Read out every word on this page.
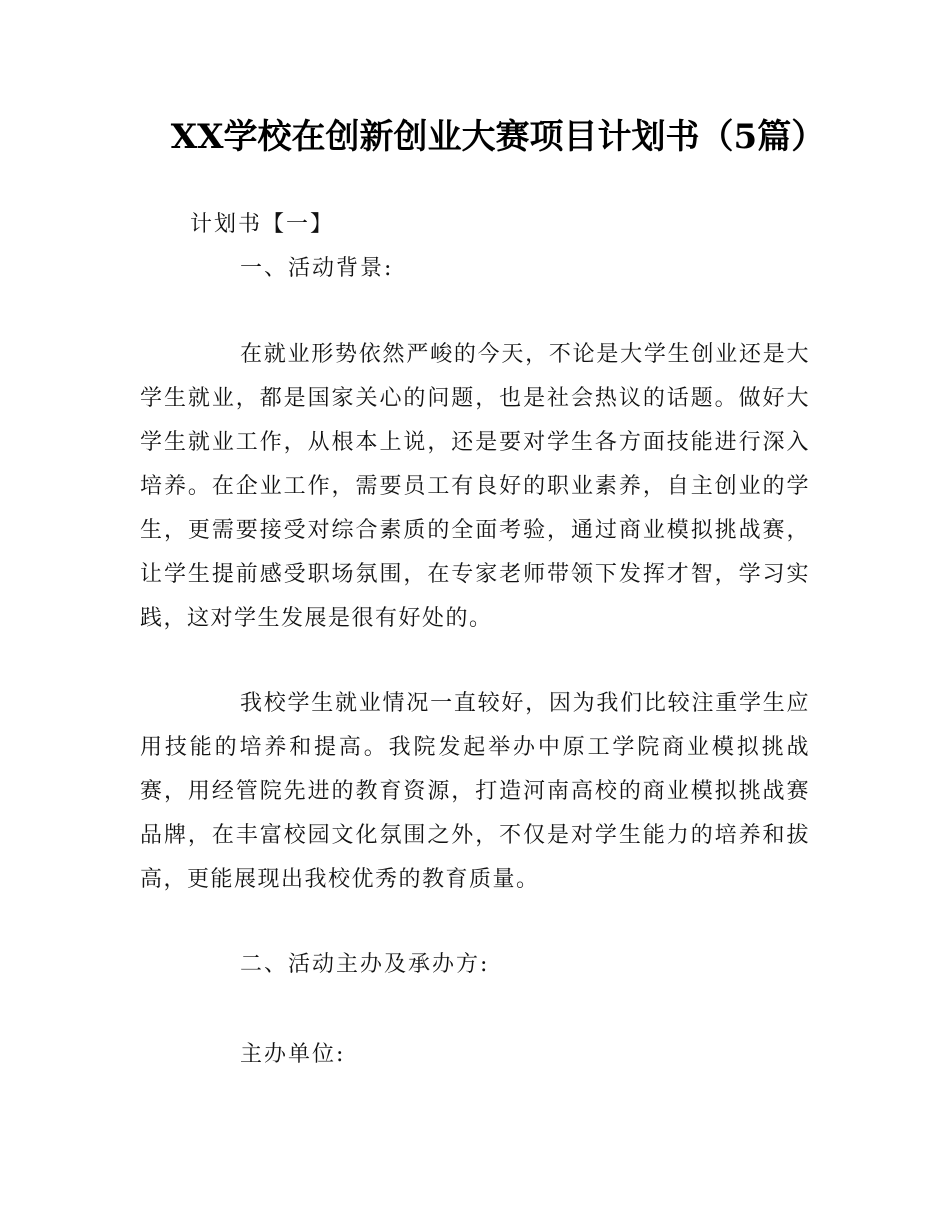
XX学校在创新创业大赛项目计划书（5篇）

计划书【一】

一、活动背景:

在就业形势依然严峻的今天，不论是大学生创业还是大学生就业，都是国家关心的问题，也是社会热议的话题。做好大学生就业工作，从根本上说，还是要对学生各方面技能进行深入培养。在企业工作，需要员工有良好的职业素养，自主创业的学生，更需要接受对综合素质的全面考验，通过商业模拟挑战赛，让学生提前感受职场氛围，在专家老师带领下发挥才智，学习实践，这对学生发展是很有好处的。

我校学生就业情况一直较好，因为我们比较注重学生应用技能的培养和提高。我院发起举办中原工学院商业模拟挑战赛，用经管院先进的教育资源，打造河南高校的商业模拟挑战赛品牌，在丰富校园文化氛围之外，不仅是对学生能力的培养和拔高，更能展现出我校优秀的教育质量。

二、活动主办及承办方:

主办单位:
